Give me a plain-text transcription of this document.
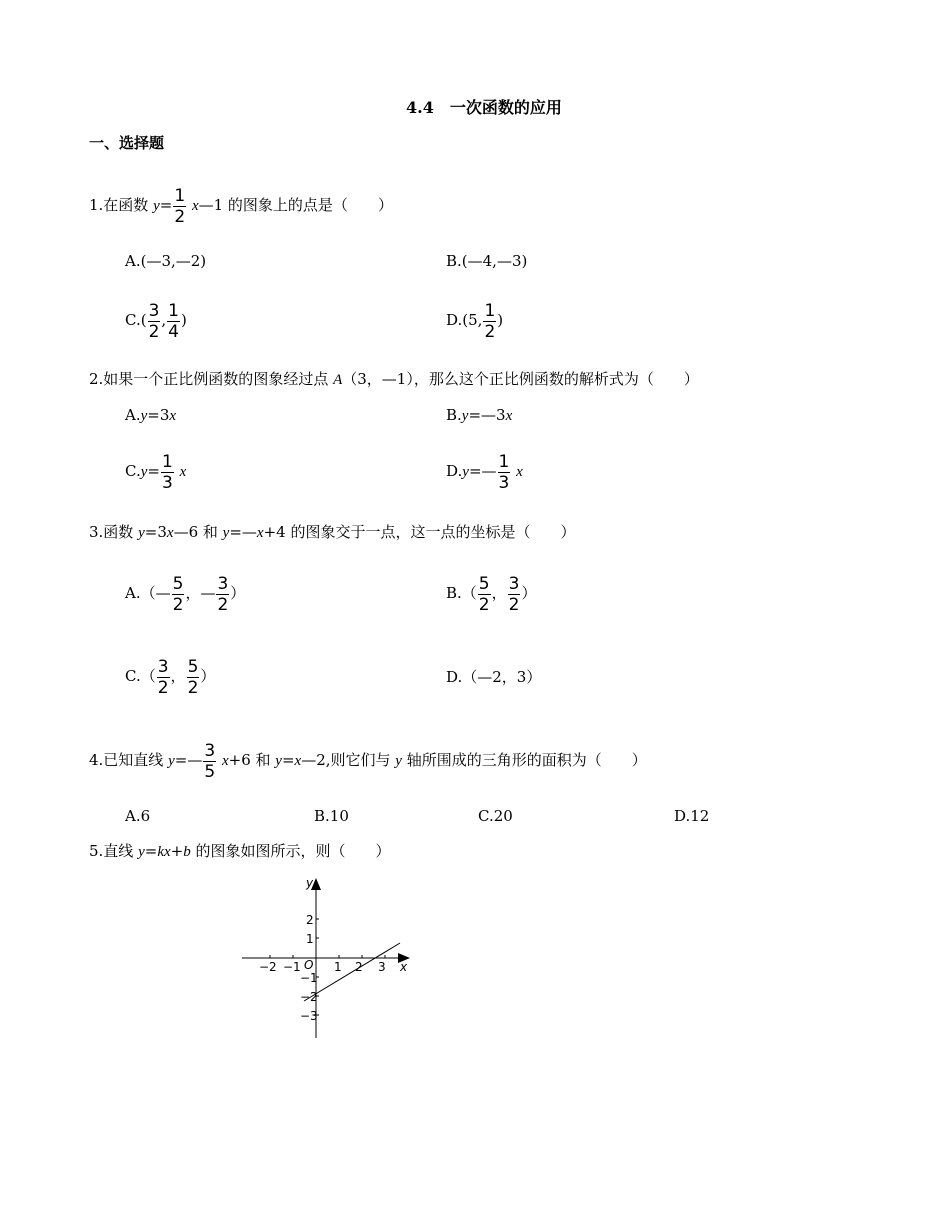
4.4　一次函数的应用
一、选择题
1.在函数 $y= \frac{1}{2}$ x—1 的图象上的点是（　　）
A.(—3,—2)	B.(—4,—3)
$C.( \frac{3}{2}$ , $\frac{1}{4}$ )	D.(5, $\frac{1}{2}$ )
2.如果一个正比例函数的图象经过点 A（3，—1），那么这个正比例函数的解析式为（　　）
A.y=3x	B.y=—3x
$C.y= \frac{1}{3}$ x	D.y=— $\frac{1}{3}$ x
3.函数 y=3x—6 和 y=—x+4 的图象交于一点，这一点的坐标是（　　）
A.（— $\frac{5}{2}$ ，— $\frac{3}{2}$ ）	$B.( \frac{5}{2}$ ， $\frac{3}{2}$ ）
$C.( \frac{3}{2}$ ， $\frac{5}{2}$ ）	D.（—2，3）
4.已知直线 y=— $\frac{3}{5} x+6$ 和 y=x—2,则它们与 y 轴所围成的三角形的面积为（　　）
A.6	B.10	C.20	D.12
5.直线 y=kx+b 的图象如图所示，则（　　）
x
y
O
−2 −1	1 2 3
2
1
−1
−2
−3
